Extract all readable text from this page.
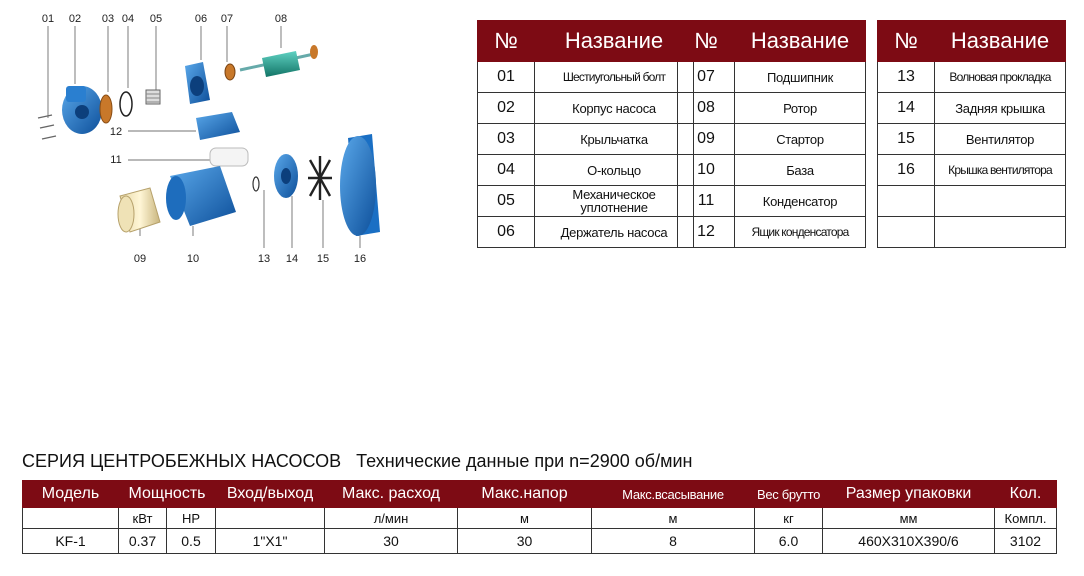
01 02 03 04 05	06 07	08
12
11
09	10	13 14 15 16
№	Название
01	Шестиугольный болт
02	Корпус насоса
03	Крыльчатка
04	О-кольцо
05	Механическое уплотнение
06	Держатель насоса
№	Название
07	Подшипник
08	Ротор
09	Стартор
10	База
11	Конденсатор
12	Ящик конденсатора
№	Название
13	Волновая прокладка
14	Задняя крышка
15	Вентилятор
16	Крышка вентилятора

СЕРИЯ ЦЕНТРОБЕЖНЫХ НАСОСОВ Технические данные при n=2900 об/мин
Модель	Мощность		Вход/выход	Макс. расход	Макс.напор	Макс.всасывание	Вес брутто	Размер упаковки	Кол.
	кВт	HP		л/мин	м	м	кг	мм	Компл.
KF-1	0.37	0.5	1"X1"	30	30	8	6.0	460X310X390/6	3102
